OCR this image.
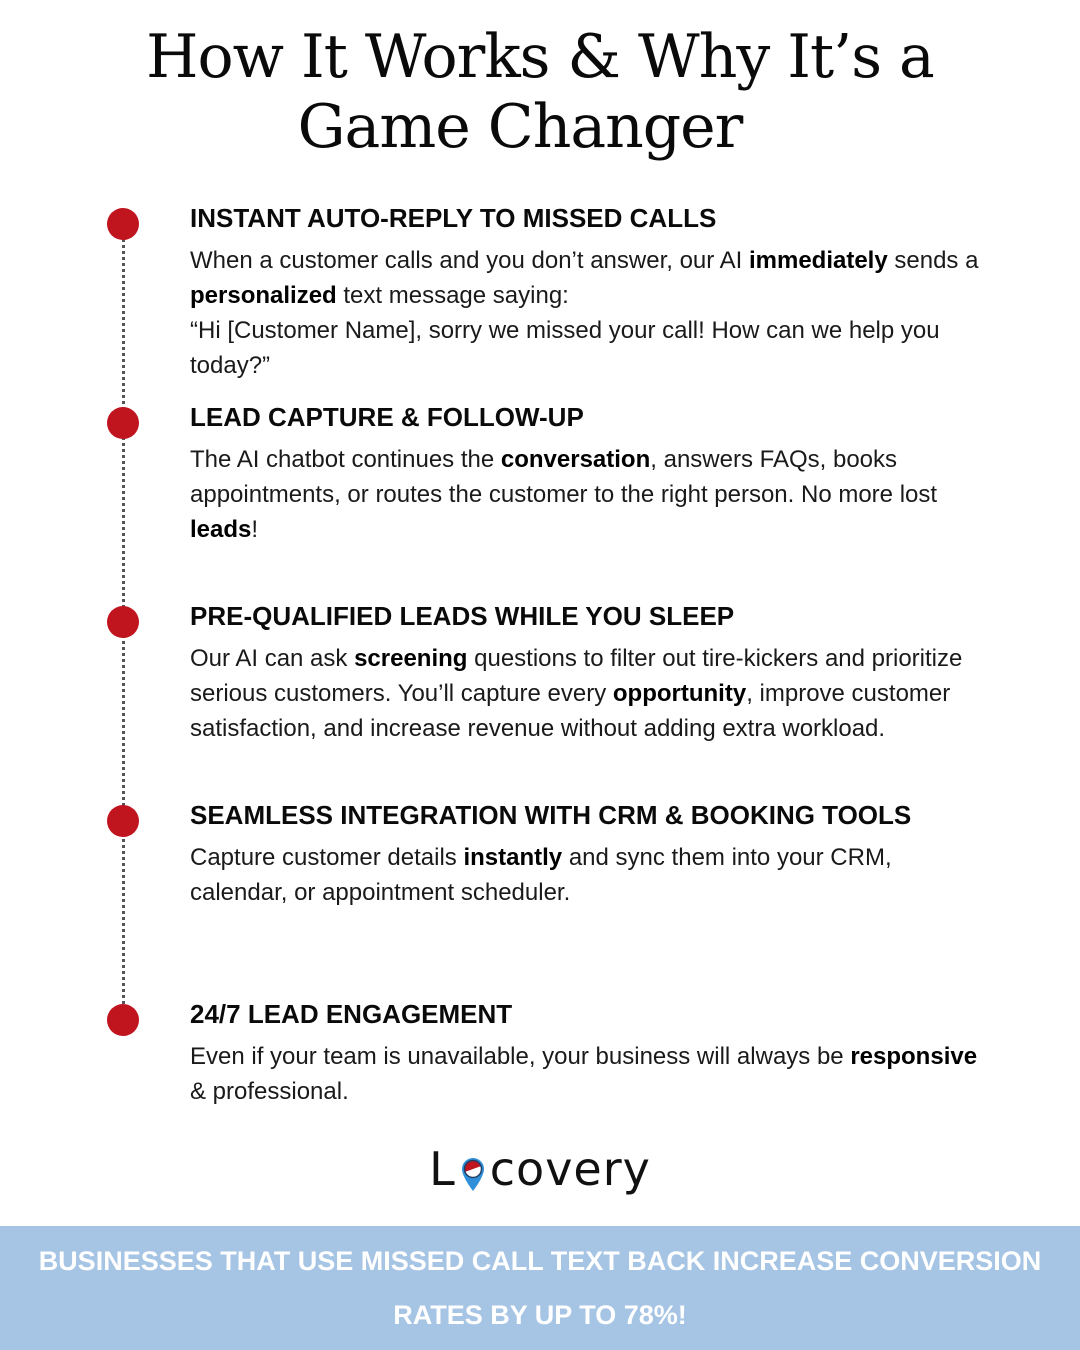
How It Works & Why It’s a
Game Changer
INSTANT AUTO-REPLY TO MISSED CALLS

When a customer calls and you don’t answer, our AI immediately sends a personalized text message saying:
“Hi [Customer Name], sorry we missed your call! How can we help you today?”

LEAD CAPTURE & FOLLOW-UP

The AI chatbot continues the conversation, answers FAQs, books appointments, or routes the customer to the right person. No more lost leads!

PRE-QUALIFIED LEADS WHILE YOU SLEEP

Our AI can ask screening questions to filter out tire-kickers and prioritize serious customers. You’ll capture every opportunity, improve customer satisfaction, and increase revenue without adding extra workload.

SEAMLESS INTEGRATION WITH CRM & BOOKING TOOLS

Capture customer details instantly and sync them into your CRM, calendar, or appointment scheduler.

24/7 LEAD ENGAGEMENT

Even if your team is unavailable, your business will always be responsive & professional.

L covery
BUSINESSES THAT USE MISSED CALL TEXT BACK INCREASE CONVERSION
RATES BY UP TO 78%!
